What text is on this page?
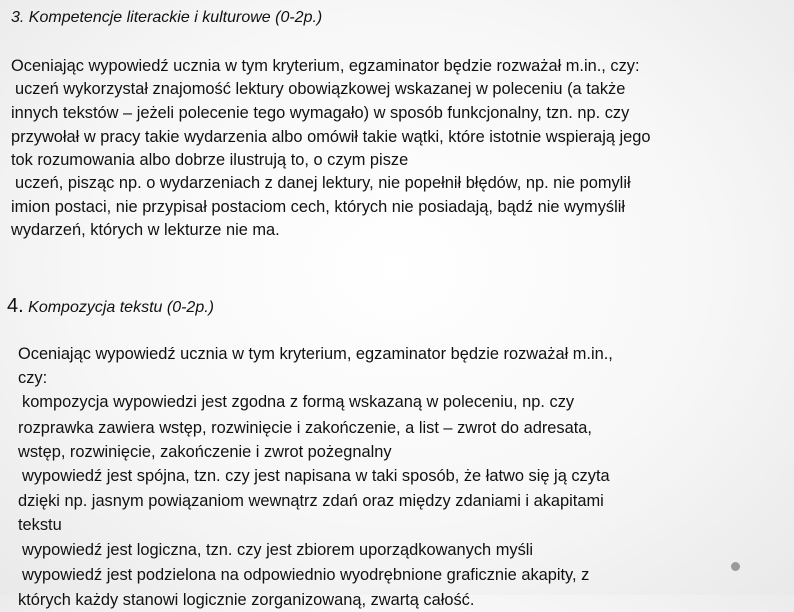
3. Kompetencje literackie i kulturowe (0-2p.)
Oceniając wypowiedź ucznia w tym kryterium, egzaminator będzie rozważał m.in., czy:
uczeń wykorzystał znajomość lektury obowiązkowej wskazanej w poleceniu (a także
innych tekstów – jeżeli polecenie tego wymagało) w sposób funkcjonalny, tzn. np. czy
przywołał w pracy takie wydarzenia albo omówił takie wątki, które istotnie wspierają jego
tok rozumowania albo dobrze ilustrują to, o czym pisze
uczeń, pisząc np. o wydarzeniach z danej lektury, nie popełnił błędów, np. nie pomylił
imion postaci, nie przypisał postaciom cech, których nie posiadają, bądź nie wymyślił
wydarzeń, których w lekturze nie ma.
4. Kompozycja tekstu (0-2p.)
Oceniając wypowiedź ucznia w tym kryterium, egzaminator będzie rozważał m.in.,
czy:
kompozycja wypowiedzi jest zgodna z formą wskazaną w poleceniu, np. czy
rozprawka zawiera wstęp, rozwinięcie i zakończenie, a list – zwrot do adresata,
wstęp, rozwinięcie, zakończenie i zwrot pożegnalny
wypowiedź jest spójna, tzn. czy jest napisana w taki sposób, że łatwo się ją czyta
dzięki np. jasnym powiązaniom wewnątrz zdań oraz między zdaniami i akapitami
tekstu
wypowiedź jest logiczna, tzn. czy jest zbiorem uporządkowanych myśli
wypowiedź jest podzielona na odpowiednio wyodrębnione graficznie akapity, z
których każdy stanowi logicznie zorganizowaną, zwartą całość.
